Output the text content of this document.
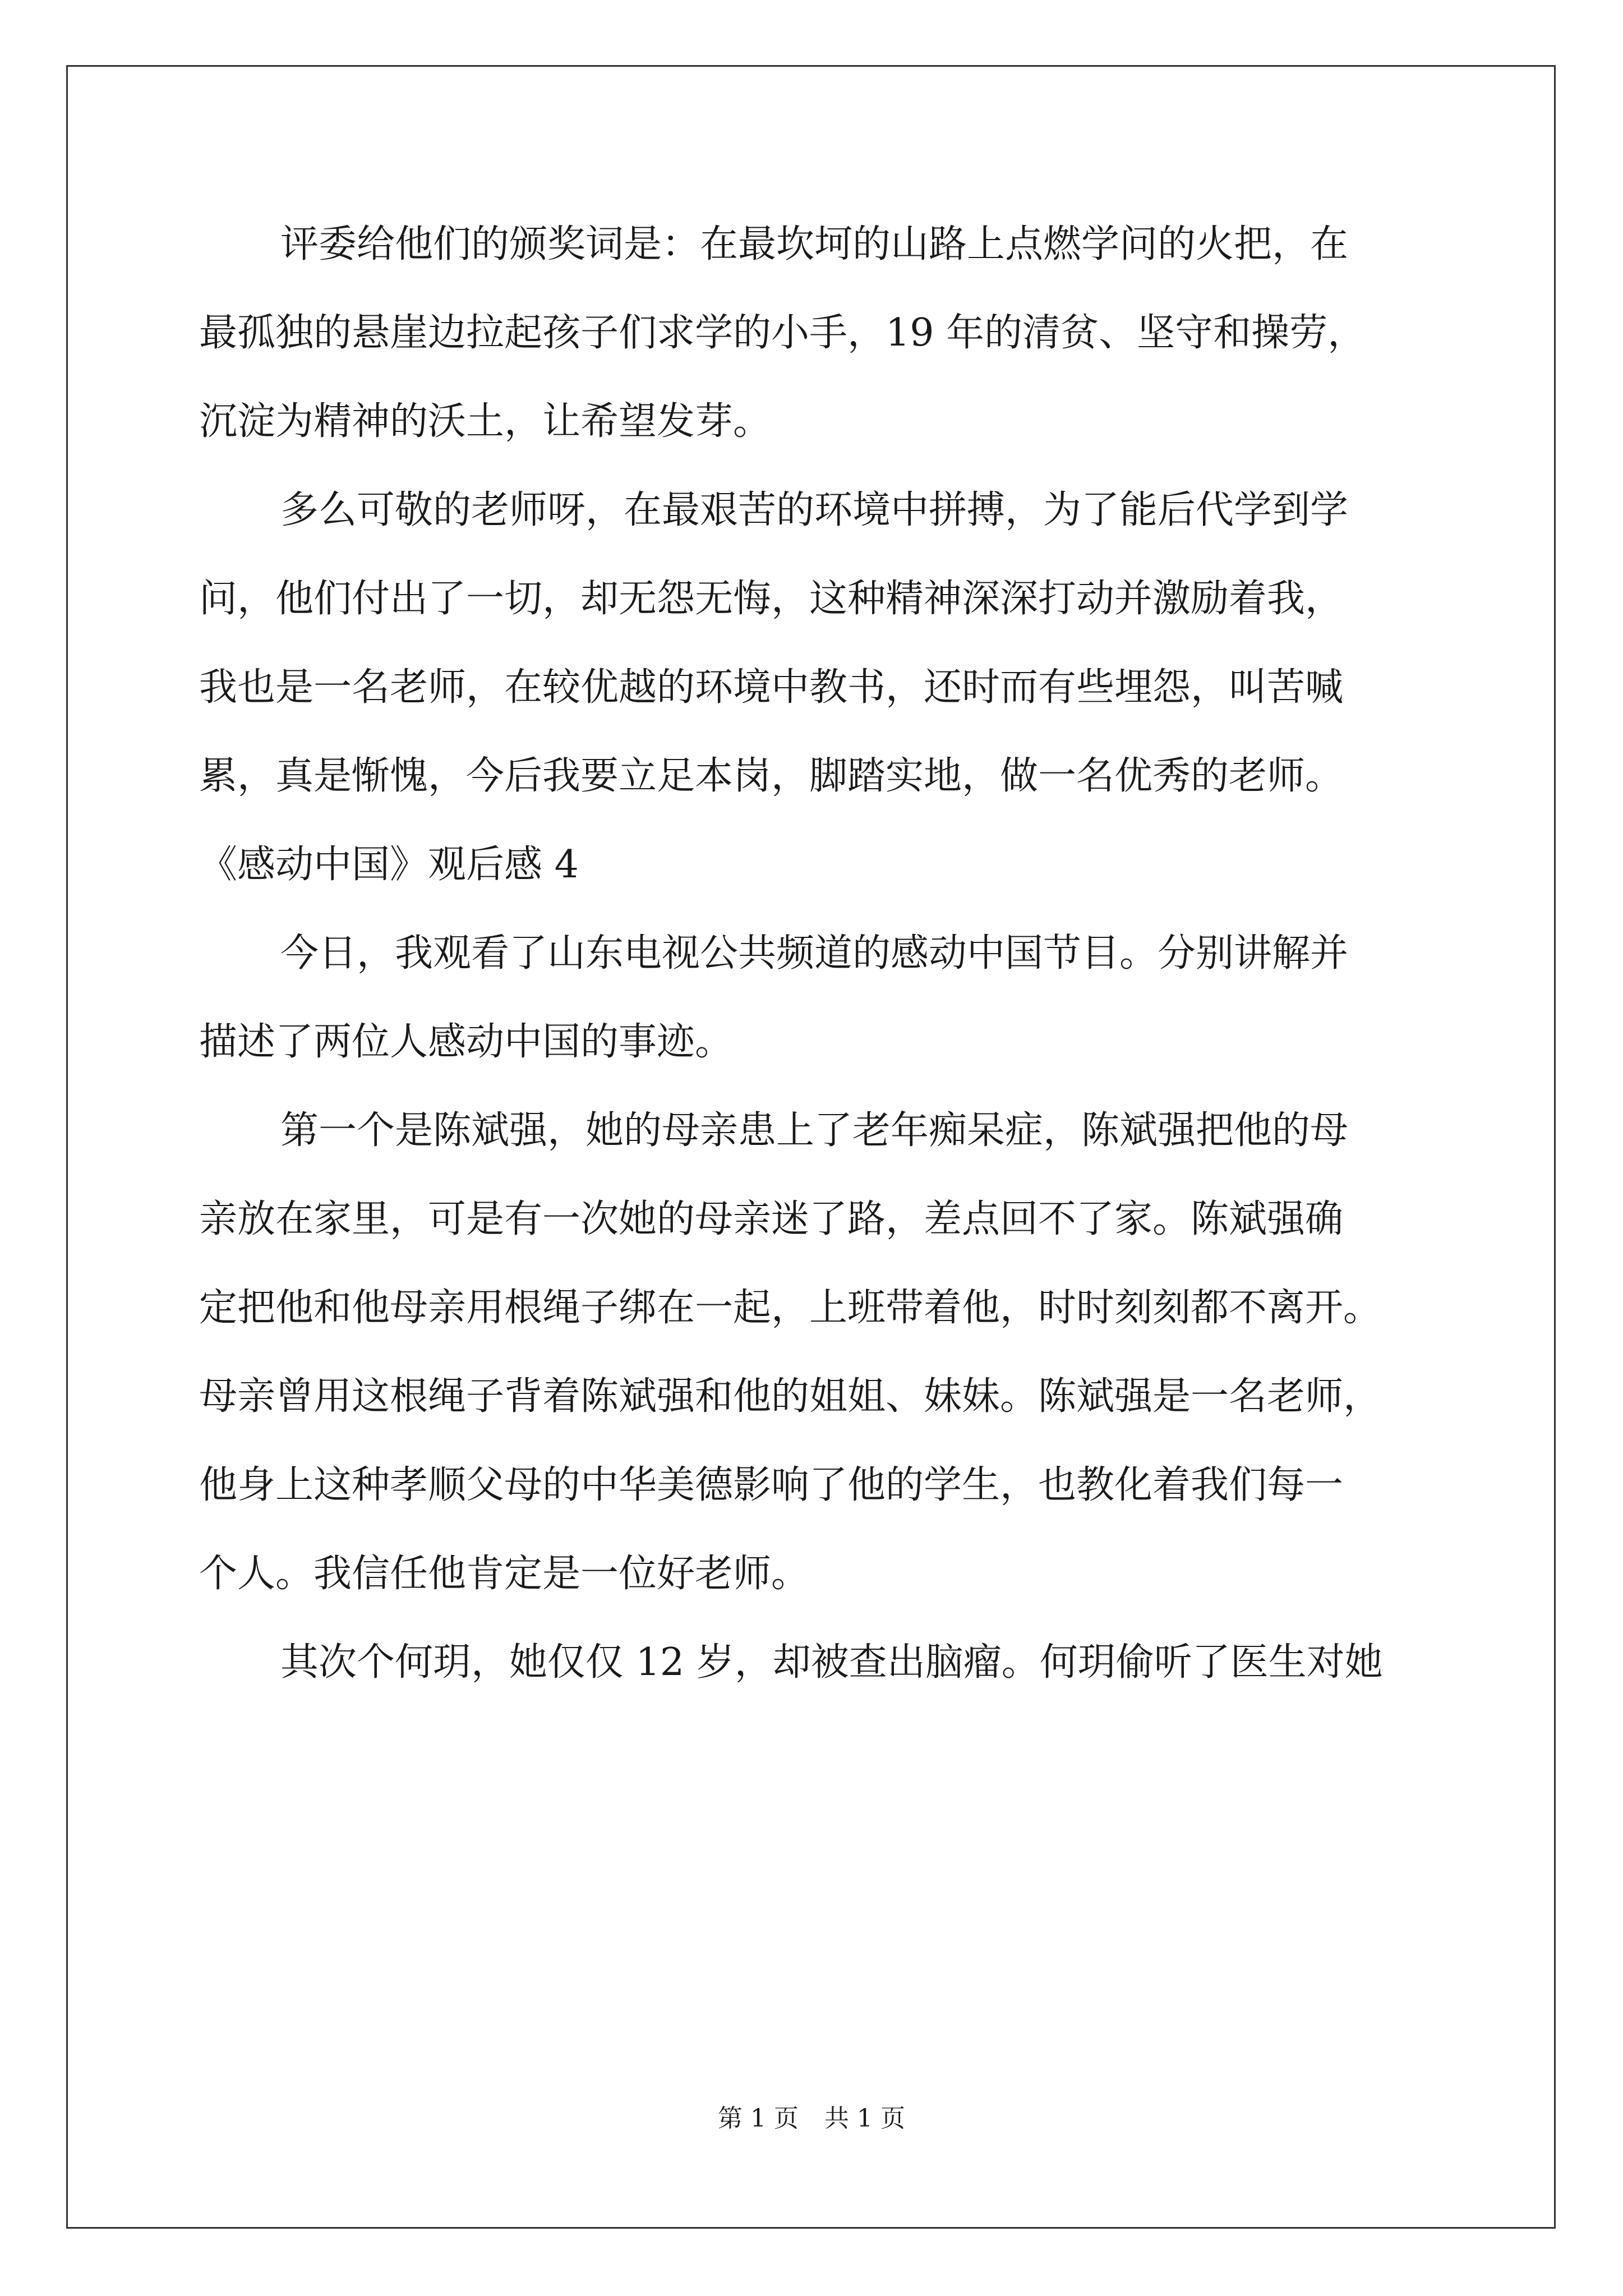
评委给他们的颁奖词是：在最坎坷的山路上点燃学问的火把，在
最孤独的悬崖边拉起孩子们求学的小手，19 年的清贫、坚守和操劳，
沉淀为精神的沃土，让希望发芽。
多么可敬的老师呀，在最艰苦的环境中拼搏，为了能后代学到学
问，他们付出了一切，却无怨无悔，这种精神深深打动并激励着我，
我也是一名老师，在较优越的环境中教书，还时而有些埋怨，叫苦喊
累，真是惭愧，今后我要立足本岗，脚踏实地，做一名优秀的老师。
《感动中国》观后感 4
今日，我观看了山东电视公共频道的感动中国节目。分别讲解并
描述了两位人感动中国的事迹。
第一个是陈斌强，她的母亲患上了老年痴呆症，陈斌强把他的母
亲放在家里，可是有一次她的母亲迷了路，差点回不了家。陈斌强确
定把他和他母亲用根绳子绑在一起，上班带着他，时时刻刻都不离开。
母亲曾用这根绳子背着陈斌强和他的姐姐、妹妹。陈斌强是一名老师，
他身上这种孝顺父母的中华美德影响了他的学生，也教化着我们每一
个人。我信任他肯定是一位好老师。
其次个何玥，她仅仅 12 岁，却被查出脑瘤。何玥偷听了医生对她
第 1 页 共 1 页
